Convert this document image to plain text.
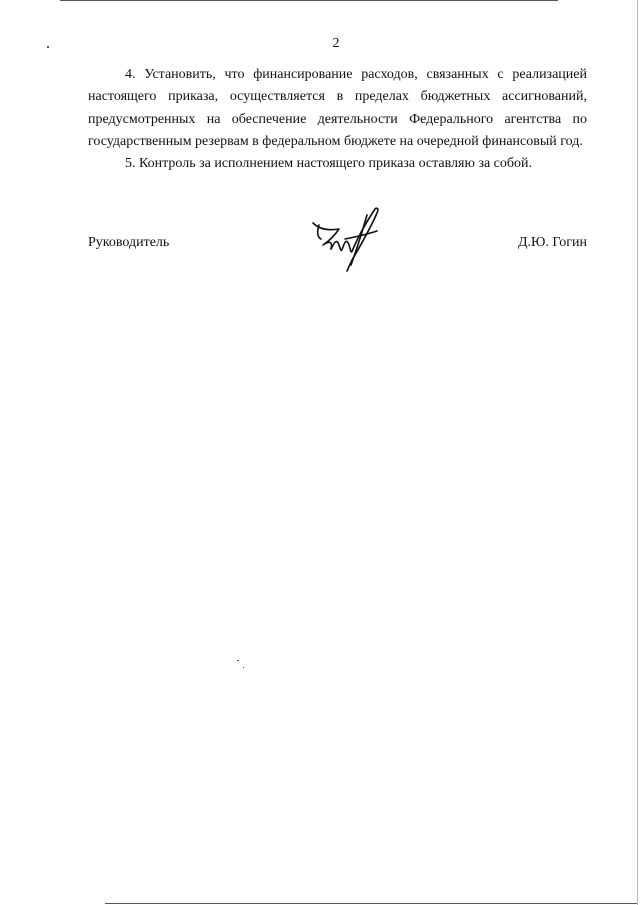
2

4. Установить, что финансирование расходов, связанных с реализацией настоящего приказа, осуществляется в пределах бюджетных ассигнований, предусмотренных на обеспечение деятельности Федерального агентства по государственным резервам в федеральном бюджете на очередной финансовый год.

5. Контроль за исполнением настоящего приказа оставляю за собой.

Руководитель	Д.Ю. Гогин
